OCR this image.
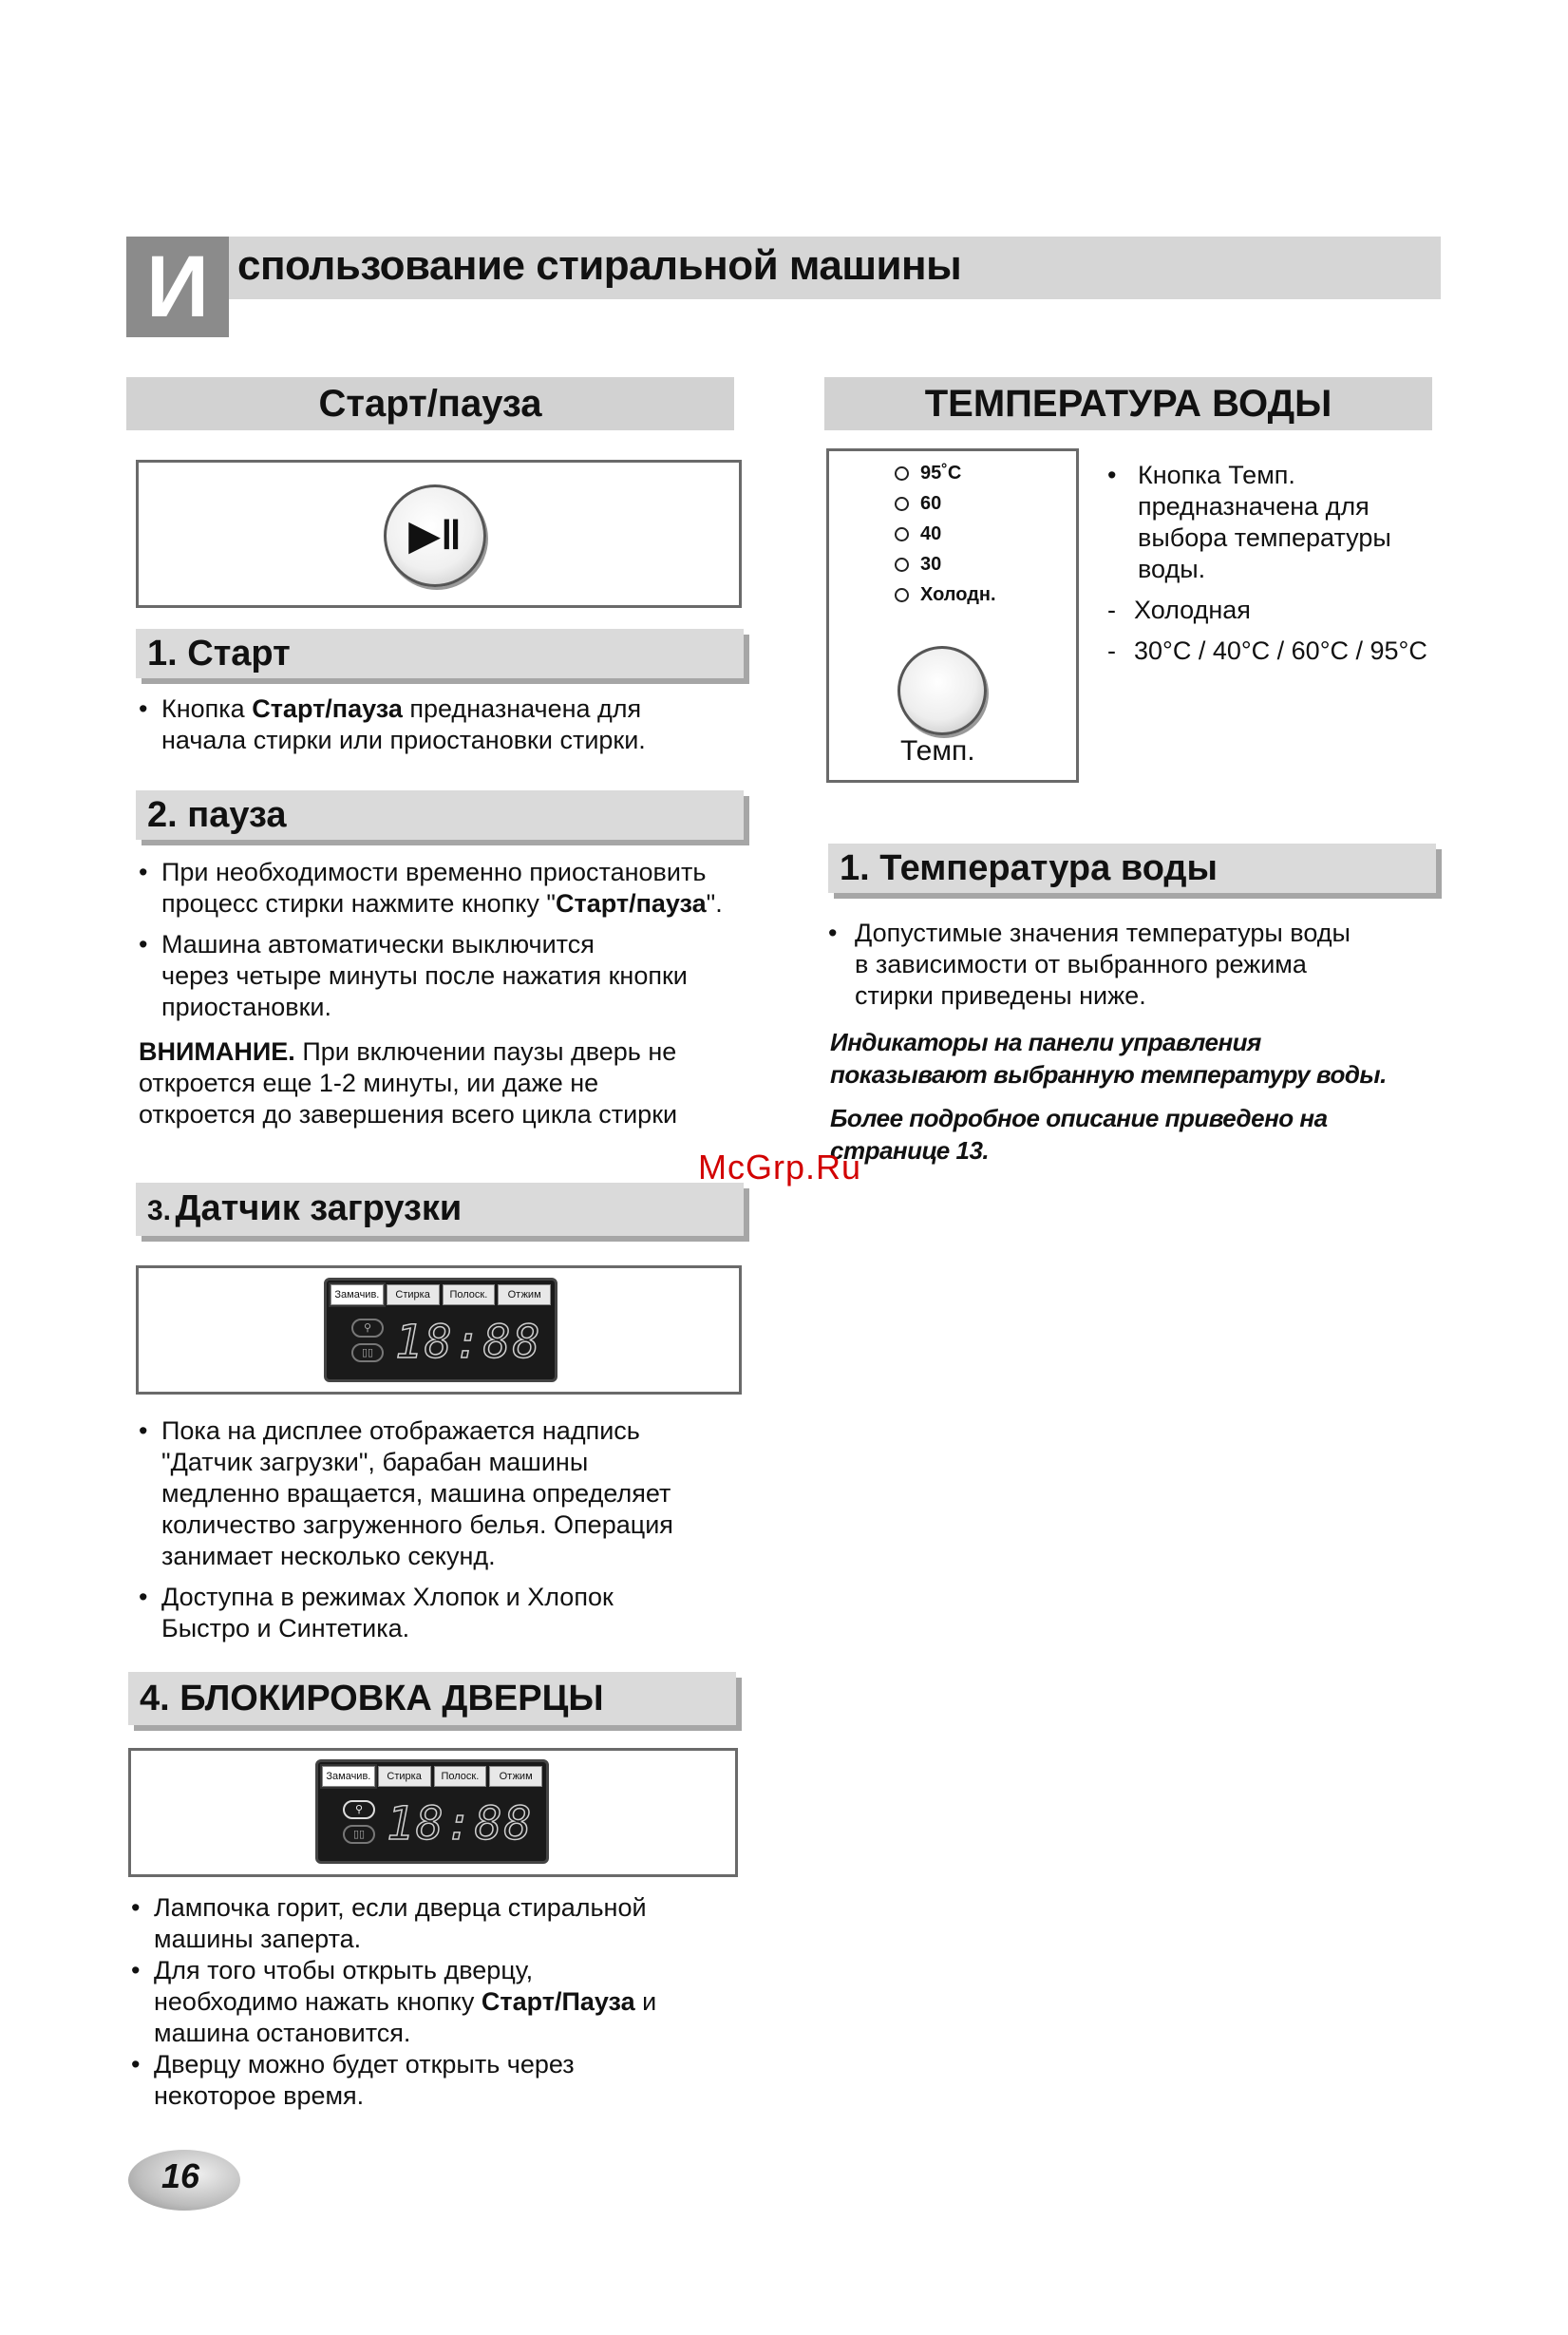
И спользование стиральной машины
Старт/пауза
▶ǁ
1. Старт
• Кнопка Старт/пауза предназначена для
начала стирки или приостановки стирки.
2. пауза
• При необходимости временно приостановить
процесс стирки нажмите кнопку "Старт/пауза".
• Машина автоматически выключится
через четыре минуты после нажатия кнопки
приостановки.
ВНИМАНИЕ. При включении паузы дверь не
откроется еще 1-2 минуты, ии даже не
откроется до завершения всего цикла стирки
3. Датчик загрузки
Замачив.	Стирка	Полоск.	Отжим
⚲
▯▯ 18:88
• Пока на дисплее отображается надпись
"Датчик загрузки", барабан машины
медленно вращается, машина определяет
количество загруженного белья. Операция
занимает несколько секунд.
• Доступна в режимах Хлопок и Хлопок
Быстро и Синтетика.
4. БЛОКИРОВКА ДВЕРЦЫ
Замачив.	Стирка	Полоск.	Отжим
⚲
▯▯ 18:88
• Лампочка горит, если дверца стиральной
машины заперта.
• Для того чтобы открыть дверцу,
необходимо нажать кнопку Старт/Пауза и
машина остановится.
• Дверцу можно будет открыть через
некоторое время.
ТЕМПЕРАТУРА ВОДЫ
95˚C
60
40
30
Холодн.
Темп.
• Кнопка Темп.
предназначена для
выбора температуры
воды.
- Холодная
- 30°C / 40°C / 60°C / 95°C
1. Температура воды
• Допустимые значения температуры воды
в зависимости от выбранного режима
стирки приведены ниже.
Индикаторы на панели управления
показывают выбранную температуру воды.
Более подробное описание приведено на
странице 13.
McGrp.Ru
16
